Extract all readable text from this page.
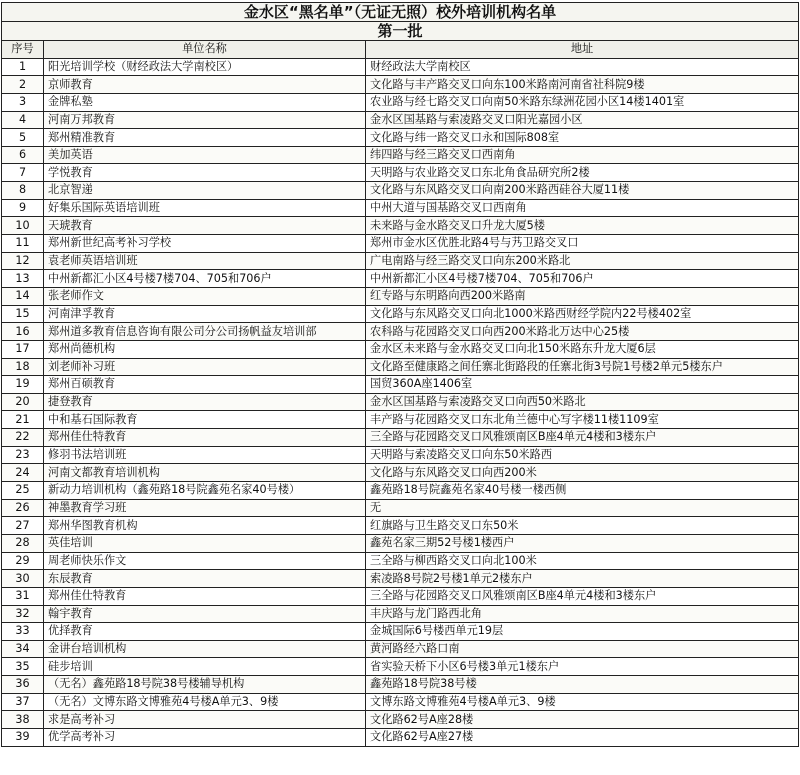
金水区“黑名单”（无证无照）校外培训机构名单		
第一批		
序号	单位名称	地址
1	阳光培训学校（财经政法大学南校区）	财经政法大学南校区
2	京师教育	文化路与丰产路交叉口向东100米路南河南省社科院9楼
3	金牌私塾	农业路与经七路交叉口向南50米路东绿洲花园小区14楼1401室
4	河南万邦教育	金水区国基路与索凌路交叉口阳光嘉园小区
5	郑州精准教育	文化路与纬一路交叉口永和国际808室
6	美加英语	纬四路与经三路交叉口西南角
7	学悦教育	天明路与农业路交叉口东北角食品研究所2楼
8	北京智递	文化路与东风路交叉口向南200米路西硅谷大厦11楼
9	好集乐国际英语培训班	中州大道与国基路交叉口西南角
10	天琥教育	未来路与金水路交叉口升龙大厦5楼
11	郑州新世纪高考补习学校	郑州市金水区优胜北路4号与艿卫路交叉口
12	袁老师英语培训班	广电南路与经三路交叉口向东200米路北
13	中州新都汇小区4号楼7楼704、705和706户	中州新都汇小区4号楼7楼704、705和706户
14	张老师作文	红专路与东明路向西200米路南
15	河南津孚教育	文化路与东风路交叉口向北1000米路西财经学院内22号楼402室
16	郑州道多教育信息咨询有限公司分公司扬帆益友培训部	农科路与花园路交叉口向西200米路北万达中心25楼
17	郑州尚德机构	金水区未来路与金水路交叉口向北150米路东升龙大厦6层
18	刘老师补习班	文化路至健康路之间任寨北街路段的任寨北街3号院1号楼2单元5楼东户
19	郑州百硕教育	国贸360A座1406室
20	捷登教育	金水区国基路与索凌路交叉口向西50米路北
21	中和基石国际教育	丰产路与花园路交叉口东北角兰德中心写字楼11楼1109室
22	郑州佳仕特教育	三全路与花园路交叉口风雅颂南区B座4单元4楼和3楼东户
23	修羽书法培训班	天明路与索凌路交叉口向东50米路西
24	河南文都教育培训机构	文化路与东风路交叉口向西200米
25	新动力培训机构（鑫苑路18号院鑫苑名家40号楼）	鑫苑路18号院鑫苑名家40号楼一楼西侧
26	神墨教育学习班	无
27	郑州华图教育机构	红旗路与卫生路交叉口东50米
28	英佳培训	鑫苑名家三期52号楼1楼西户
29	周老师快乐作文	三全路与柳西路交叉口向北100米
30	东辰教育	索凌路8号院2号楼1单元2楼东户
31	郑州佳仕特教育	三全路与花园路交叉口风雅颂南区B座4单元4楼和3楼东户
32	翰宇教育	丰庆路与龙门路西北角
33	优择教育	金城国际6号楼西单元19层
34	金讲台培训机构	黄河路经六路口南
35	硅步培训	省实验天桥下小区6号楼3单元1楼东户
36	（无名）鑫苑路18号院38号楼辅导机构	鑫苑路18号院38号楼
37	（无名）文博东路文博雅苑4号楼A单元3、9楼	文博东路文博雅苑4号楼A单元3、9楼
38	求是高考补习	文化路62号A座28楼
39	优学高考补习	文化路62号A座27楼
